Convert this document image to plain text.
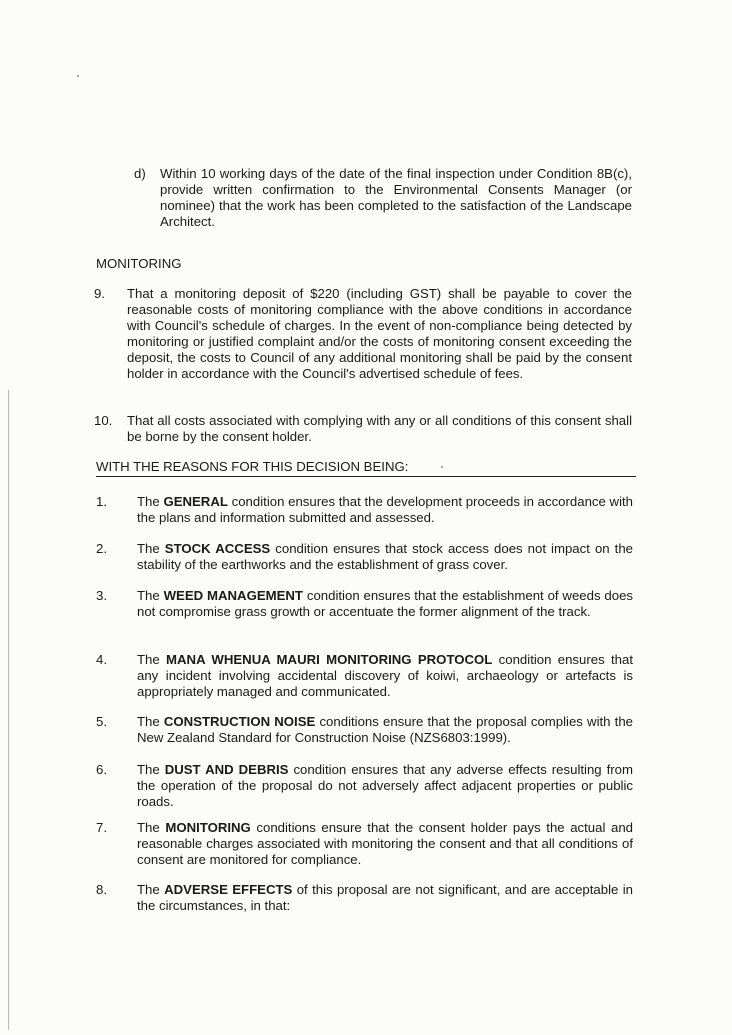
d) Within 10 working days of the date of the final inspection under Condition 8B(c), provide written confirmation to the Environmental Consents Manager (or nominee) that the work has been completed to the satisfaction of the Landscape Architect.
MONITORING
9. That a monitoring deposit of $220 (including GST) shall be payable to cover the reasonable costs of monitoring compliance with the above conditions in accordance with Council's schedule of charges. In the event of non-compliance being detected by monitoring or justified complaint and/or the costs of monitoring consent exceeding the deposit, the costs to Council of any additional monitoring shall be paid by the consent holder in accordance with the Council's advertised schedule of fees.
10. That all costs associated with complying with any or all conditions of this consent shall be borne by the consent holder.
WITH THE REASONS FOR THIS DECISION BEING:
1. The GENERAL condition ensures that the development proceeds in accordance with the plans and information submitted and assessed.
2. The STOCK ACCESS condition ensures that stock access does not impact on the stability of the earthworks and the establishment of grass cover.
3. The WEED MANAGEMENT condition ensures that the establishment of weeds does not compromise grass growth or accentuate the former alignment of the track.
4. The MANA WHENUA MAURI MONITORING PROTOCOL condition ensures that any incident involving accidental discovery of koiwi, archaeology or artefacts is appropriately managed and communicated.
5. The CONSTRUCTION NOISE conditions ensure that the proposal complies with the New Zealand Standard for Construction Noise (NZS6803:1999).
6. The DUST AND DEBRIS condition ensures that any adverse effects resulting from the operation of the proposal do not adversely affect adjacent properties or public roads.
7. The MONITORING conditions ensure that the consent holder pays the actual and reasonable charges associated with monitoring the consent and that all conditions of consent are monitored for compliance.
8. The ADVERSE EFFECTS of this proposal are not significant, and are acceptable in the circumstances, in that:
